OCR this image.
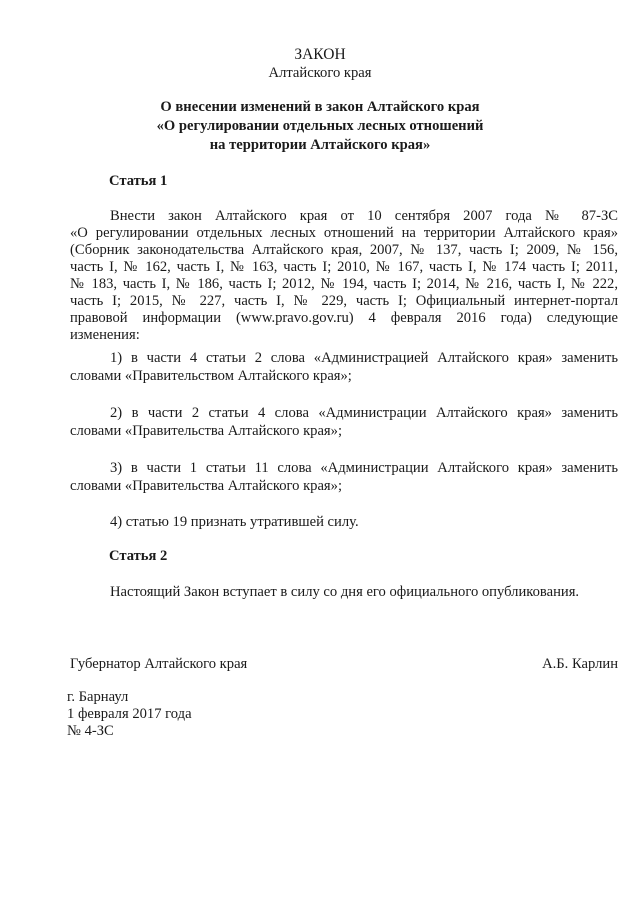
ЗАКОН

Алтайского края

О внесении изменений в закон Алтайского края

«О регулировании отдельных лесных отношений

на территории Алтайского края»

Статья 1

Внести закон Алтайского края от 10 сентября 2007 года № 87-ЗС

«О регулировании отдельных лесных отношений на территории Алтайского края»

(Сборник законодательства Алтайского края, 2007, № 137, часть I; 2009, № 156,

часть I, № 162, часть I, № 163, часть I; 2010, № 167, часть I, № 174 часть I; 2011,

№ 183, часть I, № 186, часть I; 2012, № 194, часть I; 2014, № 216, часть I, № 222,

часть I; 2015, № 227, часть I, № 229, часть I; Официальный интернет-портал

правовой информации (www.pravo.gov.ru) 4 февраля 2016 года) следующие

изменения:

1) в части 4 статьи 2 слова «Администрацией Алтайского края» заменить

словами «Правительством Алтайского края»;

2) в части 2 статьи 4 слова «Администрации Алтайского края» заменить

словами «Правительства Алтайского края»;

3) в части 1 статьи 11 слова «Администрации Алтайского края» заменить

словами «Правительства Алтайского края»;

4) статью 19 признать утратившей силу.

Статья 2

Настоящий Закон вступает в силу со дня его официального опубликования.

Губернатор Алтайского края	А.Б. Карлин

г. Барнаул

1 февраля 2017 года

№ 4-ЗС
